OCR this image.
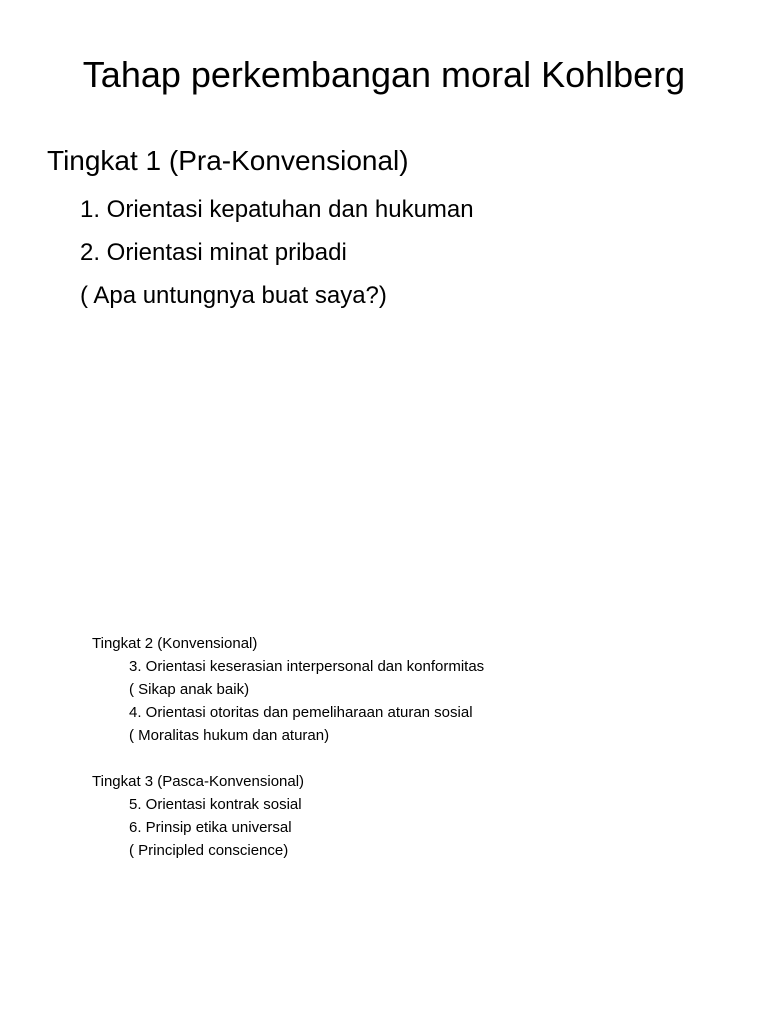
Tahap perkembangan moral Kohlberg
Tingkat 1 (Pra-Konvensional)
1. Orientasi kepatuhan dan hukuman
2. Orientasi minat pribadi
( Apa untungnya buat saya?)
Tingkat 2 (Konvensional)
3. Orientasi keserasian interpersonal dan konformitas
( Sikap anak baik)
4. Orientasi otoritas dan pemeliharaan aturan sosial
( Moralitas hukum dan aturan)
Tingkat 3 (Pasca-Konvensional)
5. Orientasi kontrak sosial
6. Prinsip etika universal
( Principled conscience)
